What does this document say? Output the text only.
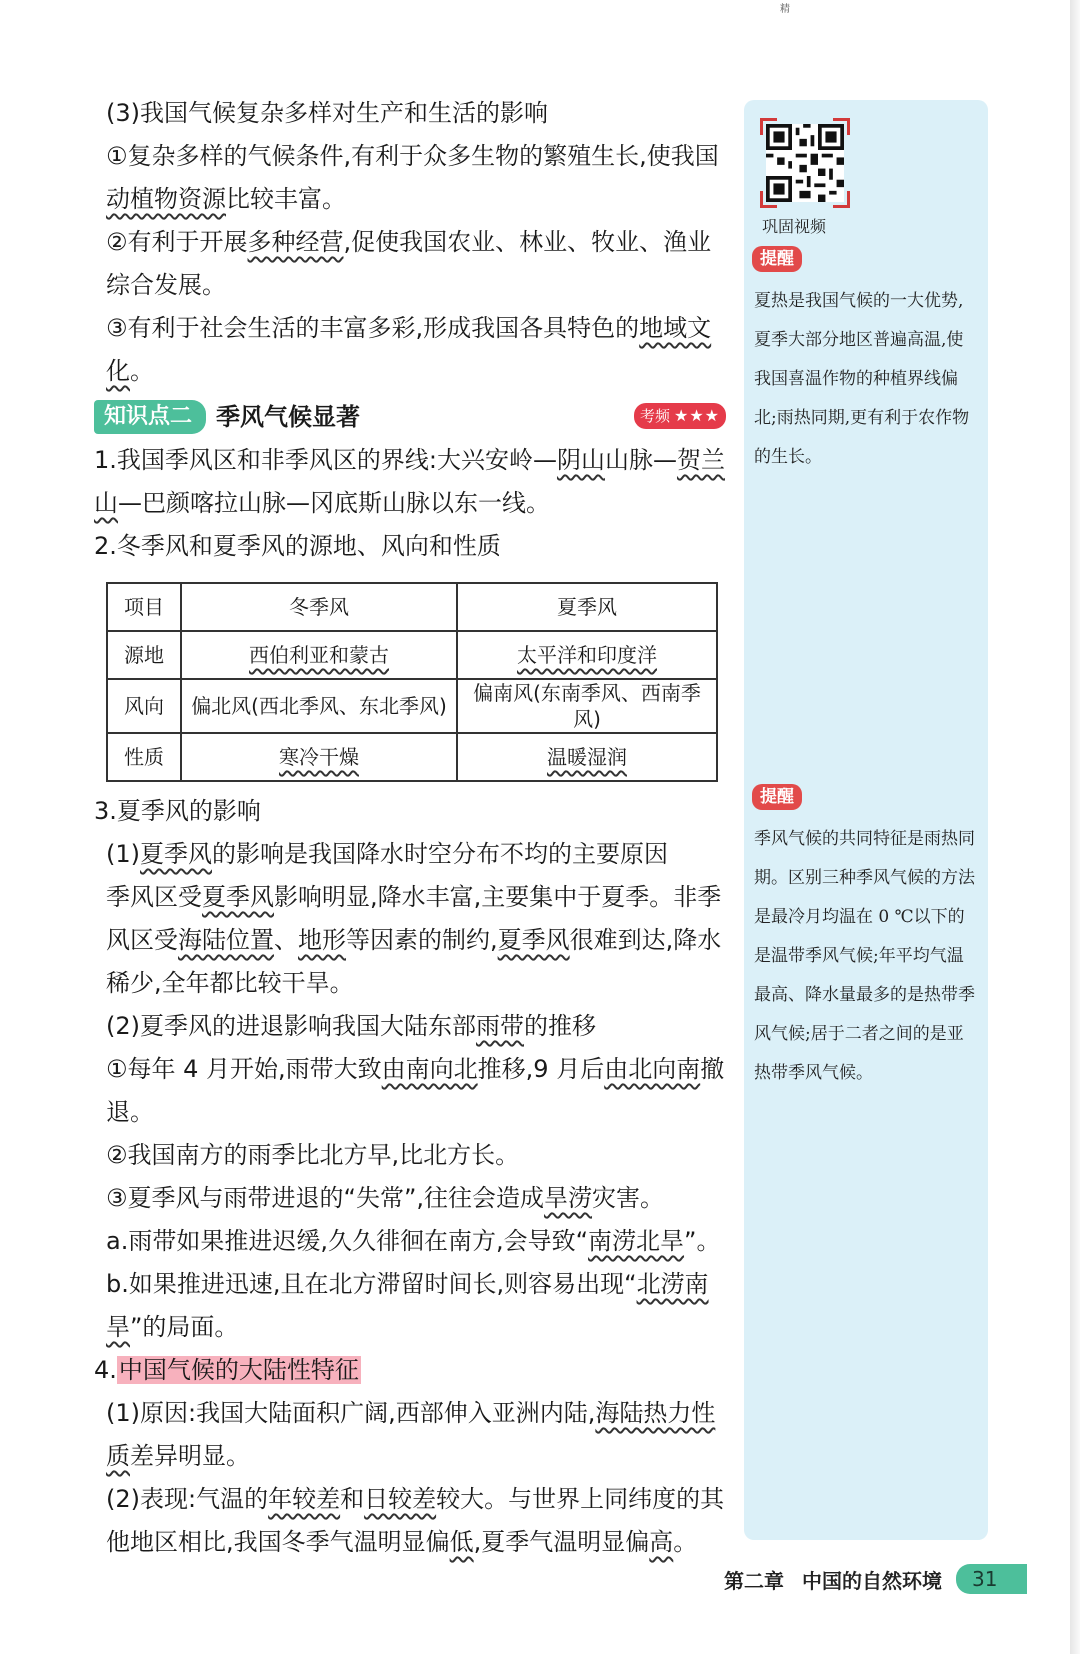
精

(3)我国气候复杂多样对生产和生活的影响

①复杂多样的气候条件,有利于众多生物的繁殖生长,使我国动植物资源比较丰富。

②有利于开展多种经营,促使我国农业、林业、牧业、渔业综合发展。

③有利于社会生活的丰富多彩,形成我国各具特色的地域文化。

知识点二	季风气候显著	考频 ★★★

1.我国季风区和非季风区的界线:大兴安岭—阴山山脉—贺兰山—巴颜喀拉山脉—冈底斯山脉以东一线。

2.冬季风和夏季风的源地、风向和性质

项目	冬季风	夏季风
源地	西伯利亚和蒙古	太平洋和印度洋
风向	偏北风(西北季风、东北季风)	偏南风(东南季风、西南季风)
性质	寒冷干燥	温暖湿润

3.夏季风的影响

(1)夏季风的影响是我国降水时空分布不均的主要原因

季风区受夏季风影响明显,降水丰富,主要集中于夏季。非季风区受海陆位置、地形等因素的制约,夏季风很难到达,降水稀少,全年都比较干旱。

(2)夏季风的进退影响我国大陆东部雨带的推移

①每年 4 月开始,雨带大致由南向北推移,9 月后由北向南撤退。

②我国南方的雨季比北方早,比北方长。

③夏季风与雨带进退的“失常”,往往会造成旱涝灾害。

a.雨带如果推进迟缓,久久徘徊在南方,会导致“南涝北旱”。

b.如果推进迅速,且在北方滞留时间长,则容易出现“北涝南旱”的局面。

4.中国气候的大陆性特征

(1)原因:我国大陆面积广阔,西部伸入亚洲内陆,海陆热力性质差异明显。

(2)表现:气温的年较差和日较差较大。与世界上同纬度的其他地区相比,我国冬季气温明显偏低,夏季气温明显偏高。

巩固视频
提醒
夏热是我国气候的一大优势,夏季大部分地区普遍高温,使我国喜温作物的种植界线偏北;雨热同期,更有利于农作物的生长。
提醒
季风气候的共同特征是雨热同期。区别三种季风气候的方法是最冷月均温在 0 ℃以下的是温带季风气候;年平均气温最高、降水量最多的是热带季风气候;居于二者之间的是亚热带季风气候。
第二章 中国的自然环境	31
